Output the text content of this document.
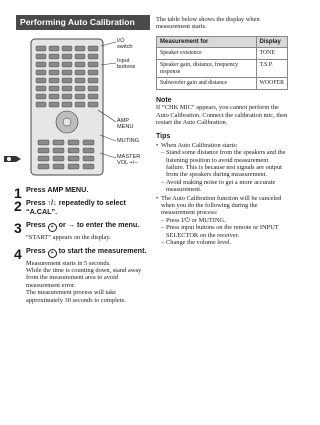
Performing Auto Calibration
I/⏻
switch
Input
buttons
AMP
MENU
MUTING
MASTER
VOL +/–
1 Press AMP MENU.
2 Press ↑/↓ repeatedly to select “A.CAL”.
3 Press + or → to enter the menu.
“START” appears on the display.
4 Press + to start the measurement.
Measurement starts in 5 seconds.
While the time is counting down, stand away from the measurement area to avoid measurement error.
The measurement process will take approximately 30 seconds to complete.
The table below shows the display when measurement starts.
Measurement for	Display
Speaker existence	TONE
Speaker gain, distance, frequency response	T.S.P.
Subwoofer gain and distance	WOOFER
Note
If “CHK MIC” appears, you cannot perform the Auto Calibration. Connect the calibration mic, then restart the Auto Calibration.
Tips
• When Auto Calibration starts:
– Stand some distance from the speakers and the listening position to avoid measurement failure. This is because test signals are output from the speakers during measurement.
– Avoid making noise to get a more accurate measurement.
• The Auto Calibration function will be canceled when you do the following during the measurement process:
– Press I/⏻ or MUTING.
– Press input buttons on the remote or INPUT SELECTOR on the receiver.
– Change the volume level.
